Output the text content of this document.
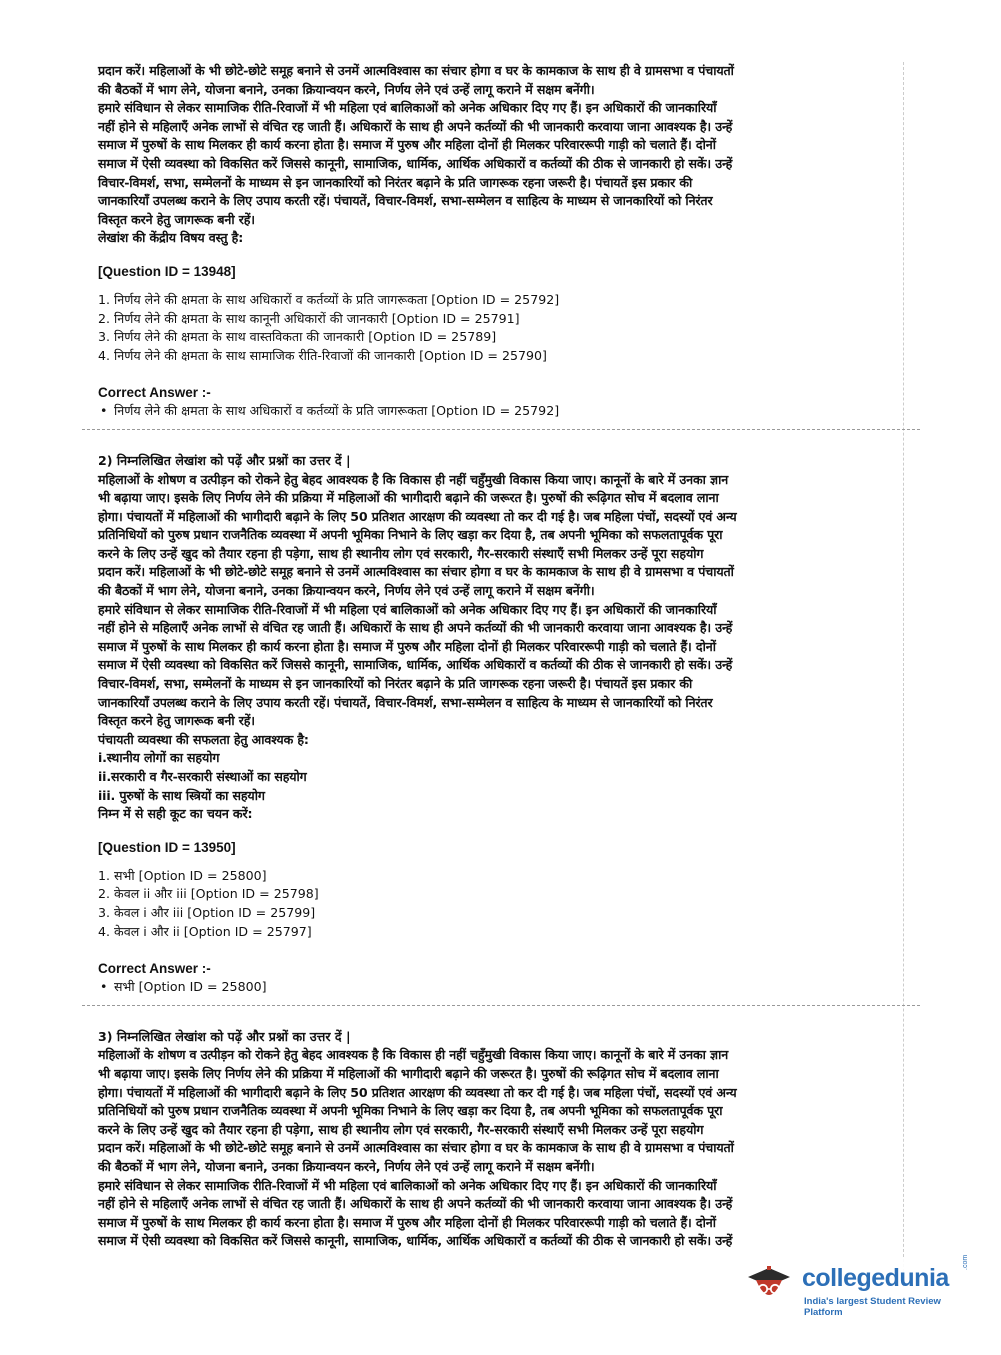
प्रदान करें। महिलाओं के भी छोटे-छोटे समूह बनाने से उनमें आत्मविश्वास का संचार होगा व घर के कामकाज के साथ ही वे ग्रामसभा व पंचायतों

की बैठकों में भाग लेने, योजना बनाने, उनका क्रियान्वयन करने, निर्णय लेने एवं उन्हें लागू कराने में सक्षम बनेंगी।

हमारे संविधान से लेकर सामाजिक रीति-रिवाजों में भी महिला एवं बालिकाओं को अनेक अधिकार दिए गए हैं। इन अधिकारों की जानकारियाँ

नहीं होने से महिलाएँ अनेक लाभों से वंचित रह जाती हैं। अधिकारों के साथ ही अपने कर्तव्यों की भी जानकारी करवाया जाना आवश्यक है। उन्हें

समाज में पुरुषों के साथ मिलकर ही कार्य करना होता है। समाज में पुरुष और महिला दोनों ही मिलकर परिवाररूपी गाड़ी को चलाते हैं। दोनों

समाज में ऐसी व्यवस्था को विकसित करें जिससे कानूनी, सामाजिक, धार्मिक, आर्थिक अधिकारों व कर्तव्यों की ठीक से जानकारी हो सकें। उन्हें

विचार-विमर्श, सभा, सम्मेलनों के माध्यम से इन जानकारियों को निरंतर बढ़ाने के प्रति जागरूक रहना जरूरी है। पंचायतें इस प्रकार की

जानकारियाँ उपलब्ध कराने के लिए उपाय करती रहें। पंचायतें, विचार-विमर्श, सभा-सम्मेलन व साहित्य के माध्यम से जानकारियों को निरंतर

विस्तृत करने हेतु जागरूक बनी रहें।

लेखांश की केंद्रीय विषय वस्तु है:

[Question ID = 13948]

1. निर्णय लेने की क्षमता के साथ अधिकारों व कर्तव्यों के प्रति जागरूकता [Option ID = 25792]

2. निर्णय लेने की क्षमता के साथ कानूनी अधिकारों की जानकारी [Option ID = 25791]

3. निर्णय लेने की क्षमता के साथ वास्तविकता की जानकारी [Option ID = 25789]

4. निर्णय लेने की क्षमता के साथ सामाजिक रीति-रिवाजों की जानकारी [Option ID = 25790]

Correct Answer :-

• निर्णय लेने की क्षमता के साथ अधिकारों व कर्तव्यों के प्रति जागरूकता [Option ID = 25792]

2) निम्नलिखित लेखांश को पढ़ें और प्रश्नों का उत्तर दें |

महिलाओं के शोषण व उत्पीड़न को रोकने हेतु बेहद आवश्यक है कि विकास ही नहीं चहुँमुखी विकास किया जाए। कानूनों के बारे में उनका ज्ञान

भी बढ़ाया जाए। इसके लिए निर्णय लेने की प्रक्रिया में महिलाओं की भागीदारी बढ़ाने की जरूरत है। पुरुषों की रूढ़िगत सोच में बदलाव लाना

होगा। पंचायतों में महिलाओं की भागीदारी बढ़ाने के लिए 50 प्रतिशत आरक्षण की व्यवस्था तो कर दी गई है। जब महिला पंचों, सदस्यों एवं अन्य

प्रतिनिधियों को पुरुष प्रधान राजनैतिक व्यवस्था में अपनी भूमिका निभाने के लिए खड़ा कर दिया है, तब अपनी भूमिका को सफलतापूर्वक पूरा

करने के लिए उन्हें खुद को तैयार रहना ही पड़ेगा, साथ ही स्थानीय लोग एवं सरकारी, गैर-सरकारी संस्थाएँ सभी मिलकर उन्हें पूरा सहयोग

प्रदान करें। महिलाओं के भी छोटे-छोटे समूह बनाने से उनमें आत्मविश्वास का संचार होगा व घर के कामकाज के साथ ही वे ग्रामसभा व पंचायतों

की बैठकों में भाग लेने, योजना बनाने, उनका क्रियान्वयन करने, निर्णय लेने एवं उन्हें लागू कराने में सक्षम बनेंगी।

हमारे संविधान से लेकर सामाजिक रीति-रिवाजों में भी महिला एवं बालिकाओं को अनेक अधिकार दिए गए हैं। इन अधिकारों की जानकारियाँ

नहीं होने से महिलाएँ अनेक लाभों से वंचित रह जाती हैं। अधिकारों के साथ ही अपने कर्तव्यों की भी जानकारी करवाया जाना आवश्यक है। उन्हें

समाज में पुरुषों के साथ मिलकर ही कार्य करना होता है। समाज में पुरुष और महिला दोनों ही मिलकर परिवाररूपी गाड़ी को चलाते हैं। दोनों

समाज में ऐसी व्यवस्था को विकसित करें जिससे कानूनी, सामाजिक, धार्मिक, आर्थिक अधिकारों व कर्तव्यों की ठीक से जानकारी हो सकें। उन्हें

विचार-विमर्श, सभा, सम्मेलनों के माध्यम से इन जानकारियों को निरंतर बढ़ाने के प्रति जागरूक रहना जरूरी है। पंचायतें इस प्रकार की

जानकारियाँ उपलब्ध कराने के लिए उपाय करती रहें। पंचायतें, विचार-विमर्श, सभा-सम्मेलन व साहित्य के माध्यम से जानकारियों को निरंतर

विस्तृत करने हेतु जागरूक बनी रहें।

पंचायती व्यवस्था की सफलता हेतु आवश्यक है:

i.स्थानीय लोगों का सहयोग

ii.सरकारी व गैर-सरकारी संस्थाओं का सहयोग

iii. पुरुषों के साथ स्त्रियों का सहयोग

निम्न में से सही कूट का चयन करें:

[Question ID = 13950]

1. सभी [Option ID = 25800]

2. केवल ii और iii [Option ID = 25798]

3. केवल i और iii [Option ID = 25799]

4. केवल i और ii [Option ID = 25797]

Correct Answer :-

• सभी [Option ID = 25800]

3) निम्नलिखित लेखांश को पढ़ें और प्रश्नों का उत्तर दें |

महिलाओं के शोषण व उत्पीड़न को रोकने हेतु बेहद आवश्यक है कि विकास ही नहीं चहुँमुखी विकास किया जाए। कानूनों के बारे में उनका ज्ञान

भी बढ़ाया जाए। इसके लिए निर्णय लेने की प्रक्रिया में महिलाओं की भागीदारी बढ़ाने की जरूरत है। पुरुषों की रूढ़िगत सोच में बदलाव लाना

होगा। पंचायतों में महिलाओं की भागीदारी बढ़ाने के लिए 50 प्रतिशत आरक्षण की व्यवस्था तो कर दी गई है। जब महिला पंचों, सदस्यों एवं अन्य

प्रतिनिधियों को पुरुष प्रधान राजनैतिक व्यवस्था में अपनी भूमिका निभाने के लिए खड़ा कर दिया है, तब अपनी भूमिका को सफलतापूर्वक पूरा

करने के लिए उन्हें खुद को तैयार रहना ही पड़ेगा, साथ ही स्थानीय लोग एवं सरकारी, गैर-सरकारी संस्थाएँ सभी मिलकर उन्हें पूरा सहयोग

प्रदान करें। महिलाओं के भी छोटे-छोटे समूह बनाने से उनमें आत्मविश्वास का संचार होगा व घर के कामकाज के साथ ही वे ग्रामसभा व पंचायतों

की बैठकों में भाग लेने, योजना बनाने, उनका क्रियान्वयन करने, निर्णय लेने एवं उन्हें लागू कराने में सक्षम बनेंगी।

हमारे संविधान से लेकर सामाजिक रीति-रिवाजों में भी महिला एवं बालिकाओं को अनेक अधिकार दिए गए हैं। इन अधिकारों की जानकारियाँ

नहीं होने से महिलाएँ अनेक लाभों से वंचित रह जाती हैं। अधिकारों के साथ ही अपने कर्तव्यों की भी जानकारी करवाया जाना आवश्यक है। उन्हें

समाज में पुरुषों के साथ मिलकर ही कार्य करना होता है। समाज में पुरुष और महिला दोनों ही मिलकर परिवाररूपी गाड़ी को चलाते हैं। दोनों

समाज में ऐसी व्यवस्था को विकसित करें जिससे कानूनी, सामाजिक, धार्मिक, आर्थिक अधिकारों व कर्तव्यों की ठीक से जानकारी हो सकें। उन्हें

collegedunia
.com
India's largest Student Review Platform
